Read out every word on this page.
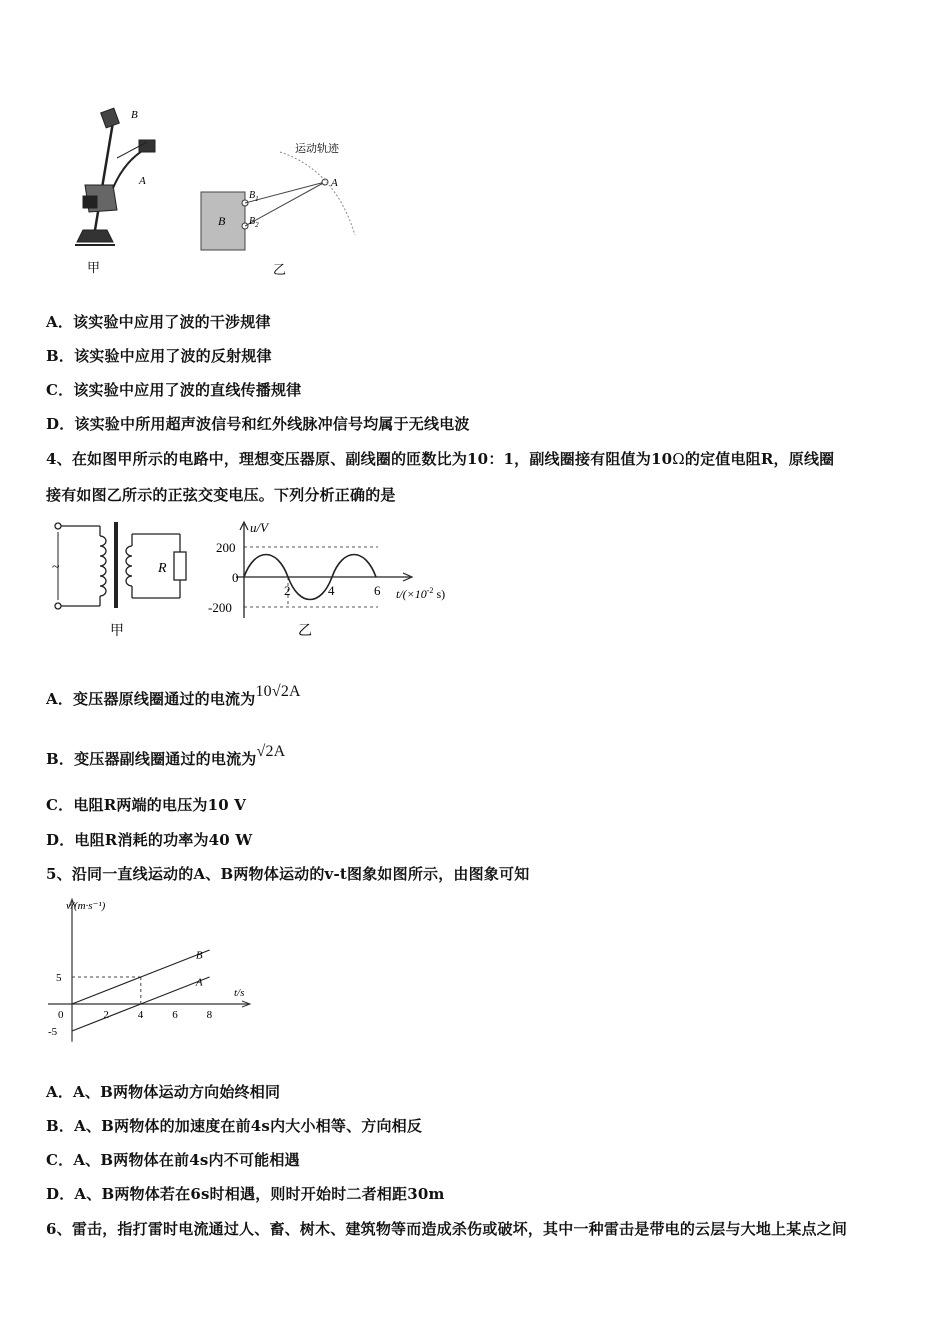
B
A
甲
B
$B_1$
$B_2$
A
运动轨迹
乙
A．该实验中应用了波的干涉规律
B．该实验中应用了波的反射规律
C．该实验中应用了波的直线传播规律
D．该实验中所用超声波信号和红外线脉冲信号均属于无线电波
4、在如图甲所示的电路中，理想变压器原、副线圈的匝数比为10：1，副线圈接有阻值为10Ω的定值电阻R，原线圈
接有如图乙所示的正弦交变电压。下列分析正确的是
~	R
甲
u/V
200
0
-200
2	4	6 $t/(\times 10^{-2}$ s)
乙
A．变压器原线圈通过的电流为10√2A
B．变压器副线圈通过的电流为√2A
C．电阻R两端的电压为10 V
D．电阻R消耗的功率为40 W
5、沿同一直线运动的A、B两物体运动的v-t图象如图所示，由图象可知
v/(m·s⁻¹)
t/s
0	2	4	6	8
5
-5
B
A
A．A、B两物体运动方向始终相同
B．A、B两物体的加速度在前4s内大小相等、方向相反
C．A、B两物体在前4s内不可能相遇
D．A、B两物体若在6s时相遇，则时开始时二者相距30m
6、雷击，指打雷时电流通过人、畜、树木、建筑物等而造成杀伤或破坏，其中一种雷击是带电的云层与大地上某点之间
